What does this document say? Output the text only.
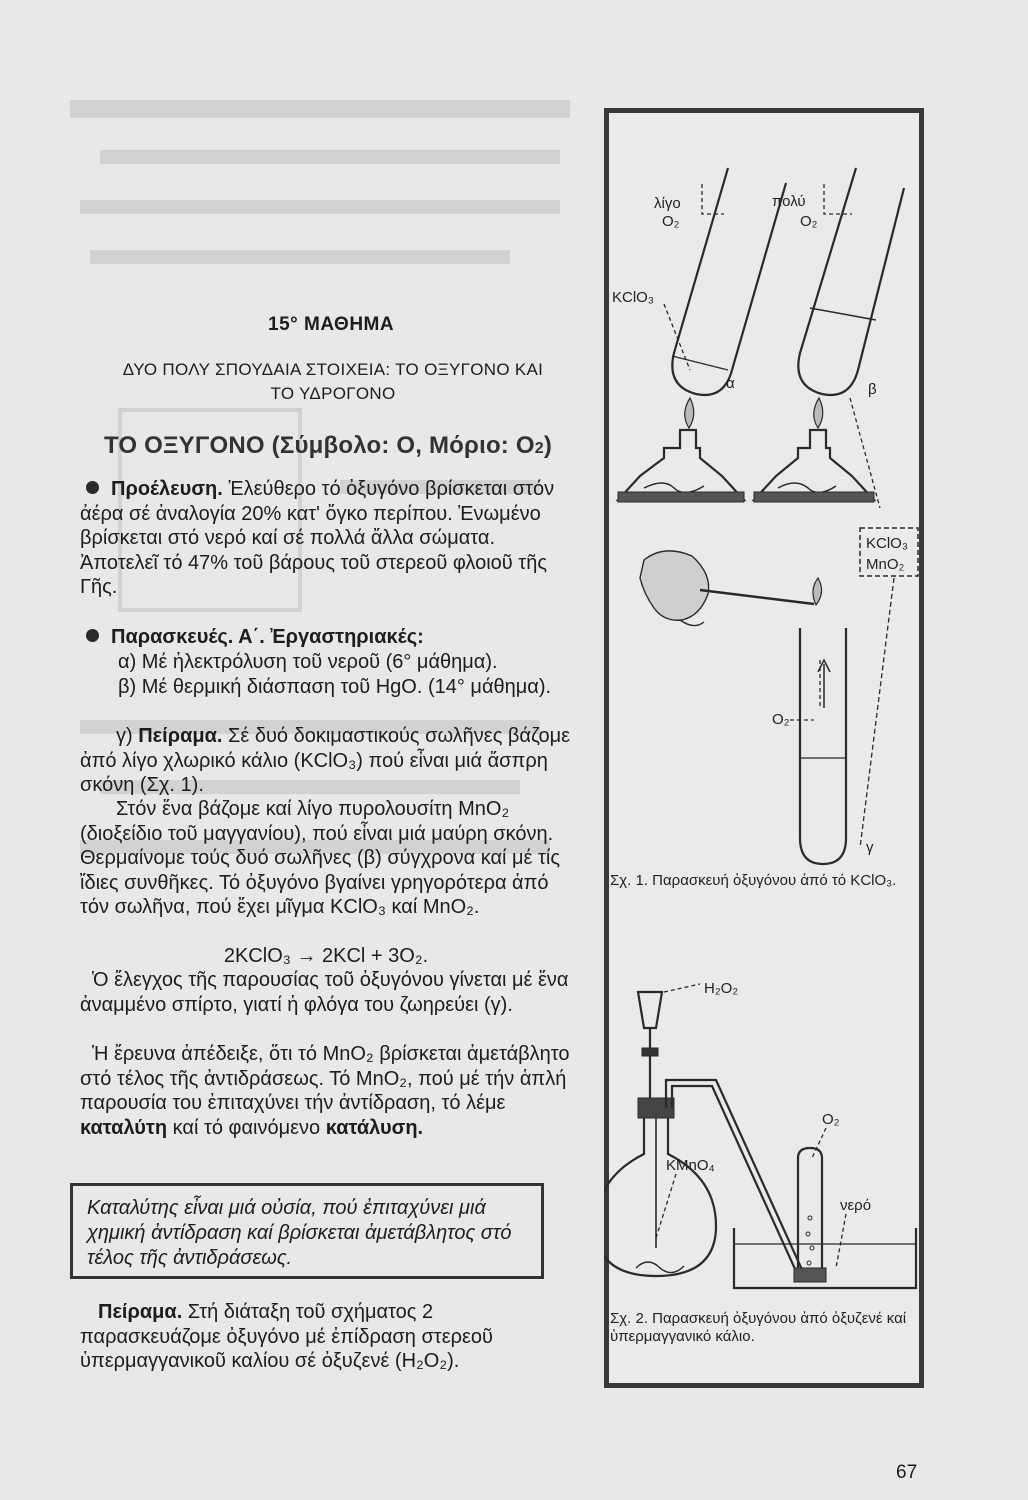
15° ΜΑΘΗΜΑ
ΔΥΟ ΠΟΛΥ ΣΠΟΥΔΑΙΑ ΣΤΟΙΧΕΙΑ: ΤΟ ΟΞΥΓΟΝΟ ΚΑΙ
ΤΟ ΥΔΡΟΓΟΝΟ
ΤΟ ΟΞΥΓΟΝΟ (Σύμβολο: Ο, Μόριο: Ο2)
Προέλευση. Ἐλεύθερο τό ὀξυγόνο βρίσκεται στόν ἀέρα σέ ἀναλογία 20% κατ' ὄγκο περίπου. Ἑνωμένο βρίσκεται στό νερό καί σέ πολλά ἄλλα σώματα. Ἀποτελεῖ τό 47% τοῦ βάρους τοῦ στερεοῦ φλοιοῦ τῆς Γῆς.
Παρασκευές. Α΄. Ἐργαστηριακές:
α) Μέ ἠλεκτρόλυση τοῦ νεροῦ (6° μάθημα).
β) Μέ θερμική διάσπαση τοῦ HgO. (14° μάθημα).
γ) Πείραμα. Σέ δυό δοκιμαστικούς σωλῆνες βάζομε ἀπό λίγο χλωρικό κάλιο (KClO₃) πού εἶναι μιά ἄσπρη σκόνη (Σχ. 1).
Στόν ἕνα βάζομε καί λίγο πυρολουσίτη MnO₂ (διοξείδιο τοῦ μαγγανίου), πού εἶναι μιά μαύρη σκόνη. Θερμαίνομε τούς δυό σωλῆνες (β) σύγχρονα καί μέ τίς ἴδιες συνθῆκες. Τό ὀξυγόνο βγαίνει γρηγορότερα ἀπό τόν σωλῆνα, πού ἔχει μῖγμα KClO₃ καί MnO₂.
2KClO₃ → 2KCl + 3O₂.
Ὁ ἔλεγχος τῆς παρουσίας τοῦ ὀξυγόνου γίνεται μέ ἕνα ἀναμμένο σπίρτο, γιατί ἡ φλόγα του ζωηρεύει (γ).
Ἡ ἔρευνα ἀπέδειξε, ὅτι τό MnO₂ βρίσκεται ἀμετάβλητο στό τέλος τῆς ἀντιδράσεως. Τό MnO₂, πού μέ τήν ἁπλή παρουσία του ἐπιταχύνει τήν ἀντίδραση, τό λέμε καταλύτη καί τό φαινόμενο κατάλυση.
Καταλύτης εἶναι μιά οὐσία, πού ἐπιταχύνει μιά χημική ἀντίδραση καί βρίσκεται ἀμετάβλητος στό τέλος τῆς ἀντιδράσεως.
Πείραμα. Στή διάταξη τοῦ σχήματος 2 παρασκευάζομε ὀξυγόνο μέ ἐπίδραση στερεοῦ ὑπερμαγγανικοῦ καλίου σέ ὀξυζενέ (H₂O₂).
λίγο
O₂
πολύ
O₂
KClO₃
α	β
KClO₃
MnO₂
O₂
γ
H₂O₂
O₂
KMnO₄
νερό
Σχ. 1. Παρασκευή ὀξυγόνου ἀπό τό KClO₃.
Σχ. 2. Παρασκευή ὀξυγόνου ἀπό ὀξυζενέ καί ὑπερμαγγανικό κάλιο.
67
